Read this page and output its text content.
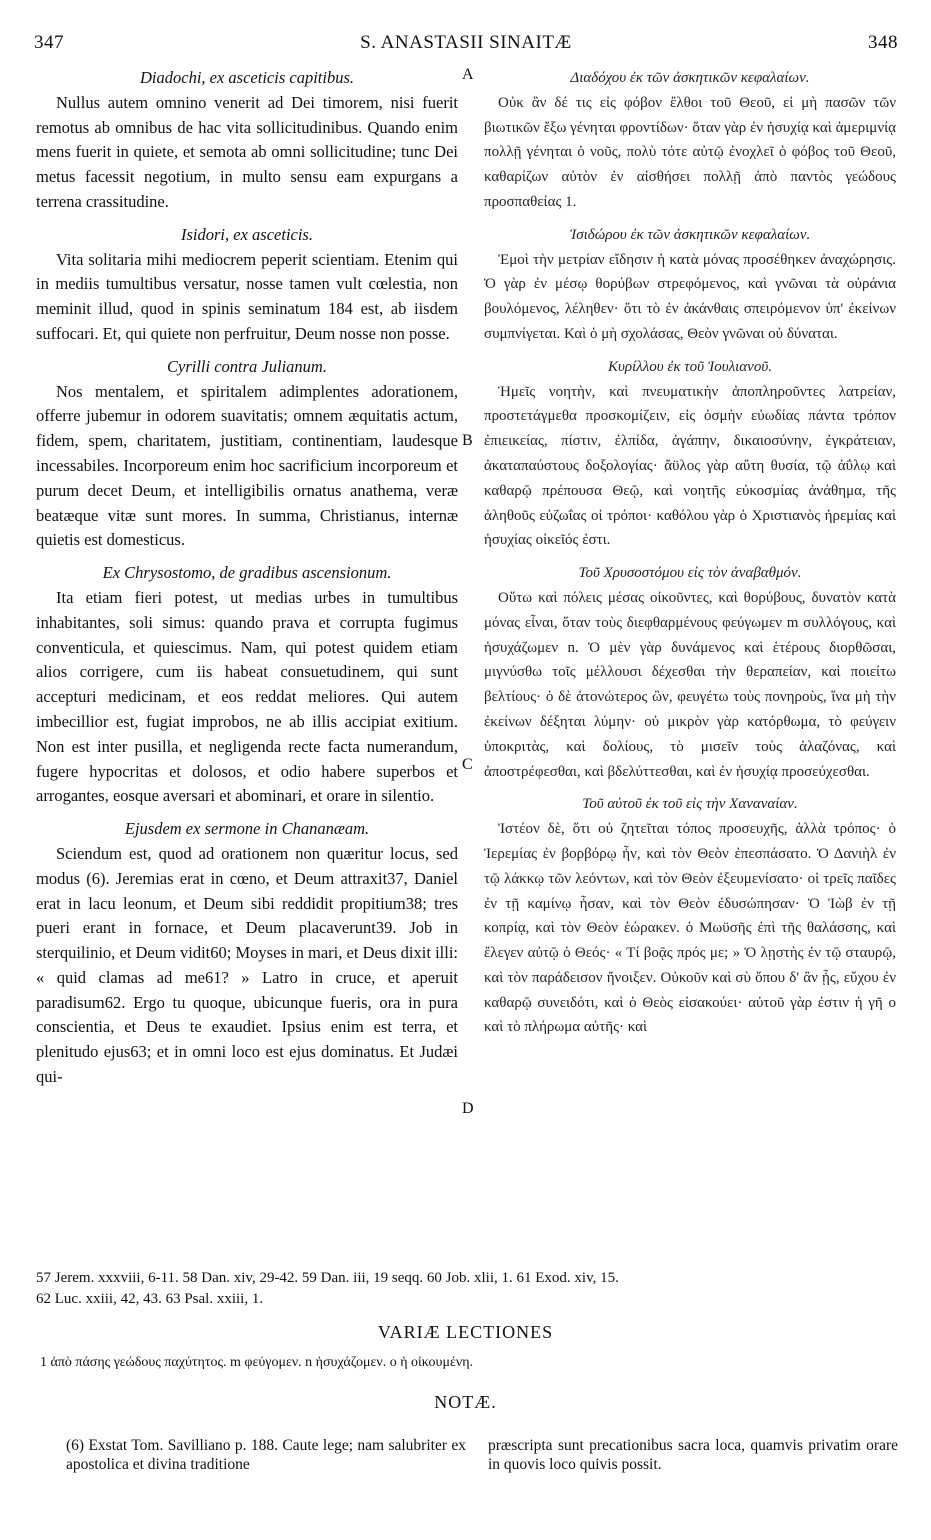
347	S. ANASTASII SINAITÆ	348
A
B
C
D

Diadochi, ex asceticis capitibus.

Nullus autem omnino venerit ad Dei timorem, nisi fuerit remotus ab omnibus de hac vita sollicitudinibus. Quando enim mens fuerit in quiete, et semota ab omni sollicitudine; tunc Dei metus facessit negotium, in multo sensu eam expurgans a terrena crassitudine.

Isidori, ex asceticis.

Vita solitaria mihi mediocrem peperit scientiam. Etenim qui in mediis tumultibus versatur, nosse tamen vult cœlestia, non meminit illud, quod in spinis seminatum 184 est, ab iisdem suffocari. Et, qui quiete non perfruitur, Deum nosse non posse.

Cyrilli contra Julianum.

Nos mentalem, et spiritalem adimplentes adorationem, offerre jubemur in odorem suavitatis; omnem æquitatis actum, fidem, spem, charitatem, justitiam, continentiam, laudesque incessabiles. Incorporeum enim hoc sacrificium incorporeum et purum decet Deum, et intelligibilis ornatus anathema, veræ beatæque vitæ sunt mores. In summa, Christianus, internæ quietis est domesticus.

Ex Chrysostomo, de gradibus ascensionum.

Ita etiam fieri potest, ut medias urbes in tumultibus inhabitantes, soli simus: quando prava et corrupta fugimus conventicula, et quiescimus. Nam, qui potest quidem etiam alios corrigere, cum iis habeat consuetudinem, qui sunt accepturi medicinam, et eos reddat meliores. Qui autem imbecillior est, fugiat improbos, ne ab illis accipiat exitium. Non est inter pusilla, et negligenda recte facta numerandum, fugere hypocritas et dolosos, et odio habere superbos et arrogantes, eosque aversari et abominari, et orare in silentio.

Ejusdem ex sermone in Chananæam.

Sciendum est, quod ad orationem non quæritur locus, sed modus (6). Jeremias erat in cœno, et Deum attraxit37, Daniel erat in lacu leonum, et Deum sibi reddidit propitium38; tres pueri erant in fornace, et Deum placaverunt39. Job in sterquilinio, et Deum vidit60; Moyses in mari, et Deus dixit illi: « quid clamas ad me61? » Latro in cruce, et aperuit paradisum62. Ergo tu quoque, ubicunque fueris, ora in pura conscientia, et Deus te exaudiet. Ipsius enim est terra, et plenitudo ejus63; et in omni loco est ejus dominatus. Et Judæi qui-

Διαδόχου ἐκ τῶν ἀσκητικῶν κεφαλαίων.

Οὐκ ἂν δέ τις εἰς φόβον ἔλθοι τοῦ Θεοῦ, εἰ μὴ πασῶν τῶν βιωτικῶν ἔξω γένηται φροντίδων· ὅταν γὰρ ἐν ἡσυχίᾳ καὶ ἀμεριμνίᾳ πολλῇ γένηται ὁ νοῦς, πολὺ τότε αὐτῷ ἐνοχλεῖ ὁ φόβος τοῦ Θεοῦ, καθαρίζων αὐτὸν ἐν αἰσθήσει πολλῇ ἀπὸ παντὸς γεώδους προσπαθείας 1.

Ἰσιδώρου ἐκ τῶν ἀσκητικῶν κεφαλαίων.

Ἐμοὶ τὴν μετρίαν εἴδησιν ἡ κατὰ μόνας προσέθηκεν ἀναχώρησις. Ὁ γὰρ ἐν μέσῳ θορύβων στρεφόμενος, καὶ γνῶναι τὰ οὐράνια βουλόμενος, λέληθεν· ὅτι τὸ ἐν ἀκάνθαις σπειρόμενον ὑπ' ἐκείνων συμπνίγεται. Καὶ ὁ μὴ σχολάσας, Θεὸν γνῶναι οὐ δύναται.

Κυρίλλου ἐκ τοῦ Ἰουλιανοῦ.

Ἡμεῖς νοητὴν, καὶ πνευματικὴν ἀποπληροῦντες λατρείαν, προστετάγμεθα προσκομίζειν, εἰς ὀσμὴν εὐωδίας πάντα τρόπον ἐπιεικείας, πίστιν, ἐλπίδα, ἀγάπην, δικαιοσύνην, ἐγκράτειαν, ἀκαταπαύστους δοξολογίας· ἄϋλος γὰρ αὕτη θυσία, τῷ ἀΰλῳ καὶ καθαρῷ πρέπουσα Θεῷ, καὶ νοητῆς εὐκοσμίας ἀνάθημα, τῆς ἀληθοῦς εὐζωΐας οἱ τρόποι· καθόλου γὰρ ὁ Χριστιανὸς ἠρεμίας καὶ ἡσυχίας οἰκεῖός ἐστι.

Τοῦ Χρυσοστόμου εἰς τὸν ἀναβαθμόν.

Οὕτω καὶ πόλεις μέσας οἰκοῦντες, καὶ θορύβους, δυνατὸν κατὰ μόνας εἶναι, ὅταν τοὺς διεφθαρμένους φεύγωμεν m συλλόγους, καὶ ἡσυχάζωμεν n. Ὁ μὲν γὰρ δυνάμενος καὶ ἑτέρους διορθῶσαι, μιγνύσθω τοῖς μέλλουσι δέχεσθαι τὴν θεραπείαν, καὶ ποιείτω βελτίους· ὁ δὲ ἀτονώτερος ὢν, φευγέτω τοὺς πονηροὺς, ἵνα μὴ τὴν ἐκείνων δέξηται λύμην· οὐ μικρὸν γὰρ κατόρθωμα, τὸ φεύγειν ὑποκριτὰς, καὶ δολίους, τὸ μισεῖν τοὺς ἀλαζόνας, καὶ ἀποστρέφεσθαι, καὶ βδελύττεσθαι, καὶ ἐν ἡσυχίᾳ προσεύχεσθαι.

Τοῦ αὐτοῦ ἐκ τοῦ εἰς τὴν Χαναναίαν.

Ἰστέον δὲ, ὅτι οὐ ζητεῖται τόπος προσευχῆς, ἀλλὰ τρόπος· ὁ Ἱερεμίας ἐν βορβόρῳ ἦν, καὶ τὸν Θεὸν ἐπεσπάσατο. Ὁ Δανιὴλ ἐν τῷ λάκκῳ τῶν λεόντων, καὶ τὸν Θεὸν ἐξευμενίσατο· οἱ τρεῖς παῖδες ἐν τῇ καμίνῳ ἦσαν, καὶ τὸν Θεὸν ἐδυσώπησαν· Ὁ Ἰὼβ ἐν τῇ κοπρίᾳ, καὶ τὸν Θεὸν ἑώρακεν. ὁ Μωϋσῆς ἐπὶ τῆς θαλάσσης, καὶ ἔλεγεν αὐτῷ ὁ Θεός· « Τί βοᾷς πρός με; » Ὁ λῃστὴς ἐν τῷ σταυρῷ, καὶ τὸν παράδεισον ἤνοιξεν. Οὐκοῦν καὶ σὺ ὅπου δ' ἂν ᾖς, εὔχου ἐν καθαρῷ συνειδότι, καὶ ὁ Θεὸς εἰσακούει· αὐτοῦ γὰρ ἐστιν ἡ γῆ o καὶ τὸ πλήρωμα αὐτῆς· καὶ

57 Jerem. xxxviii, 6-11. 58 Dan. xiv, 29-42. 59 Dan. iii, 19 seqq. 60 Job. xlii, 1. 61 Exod. xiv, 15.

62 Luc. xxiii, 42, 43. 63 Psal. xxiii, 1.

VARIÆ LECTIONES
1 ἀπὸ πάσης γεώδους παχύτητος. m φεύγομεν. n ἡσυχάζομεν. o ἡ οἰκουμένη.
NOTÆ.
(6) Exstat Tom. Savilliano p. 188. Caute lege; nam salubriter ex apostolica et divina traditione
præscripta sunt precationibus sacra loca, quamvis privatim orare in quovis loco quivis possit.
